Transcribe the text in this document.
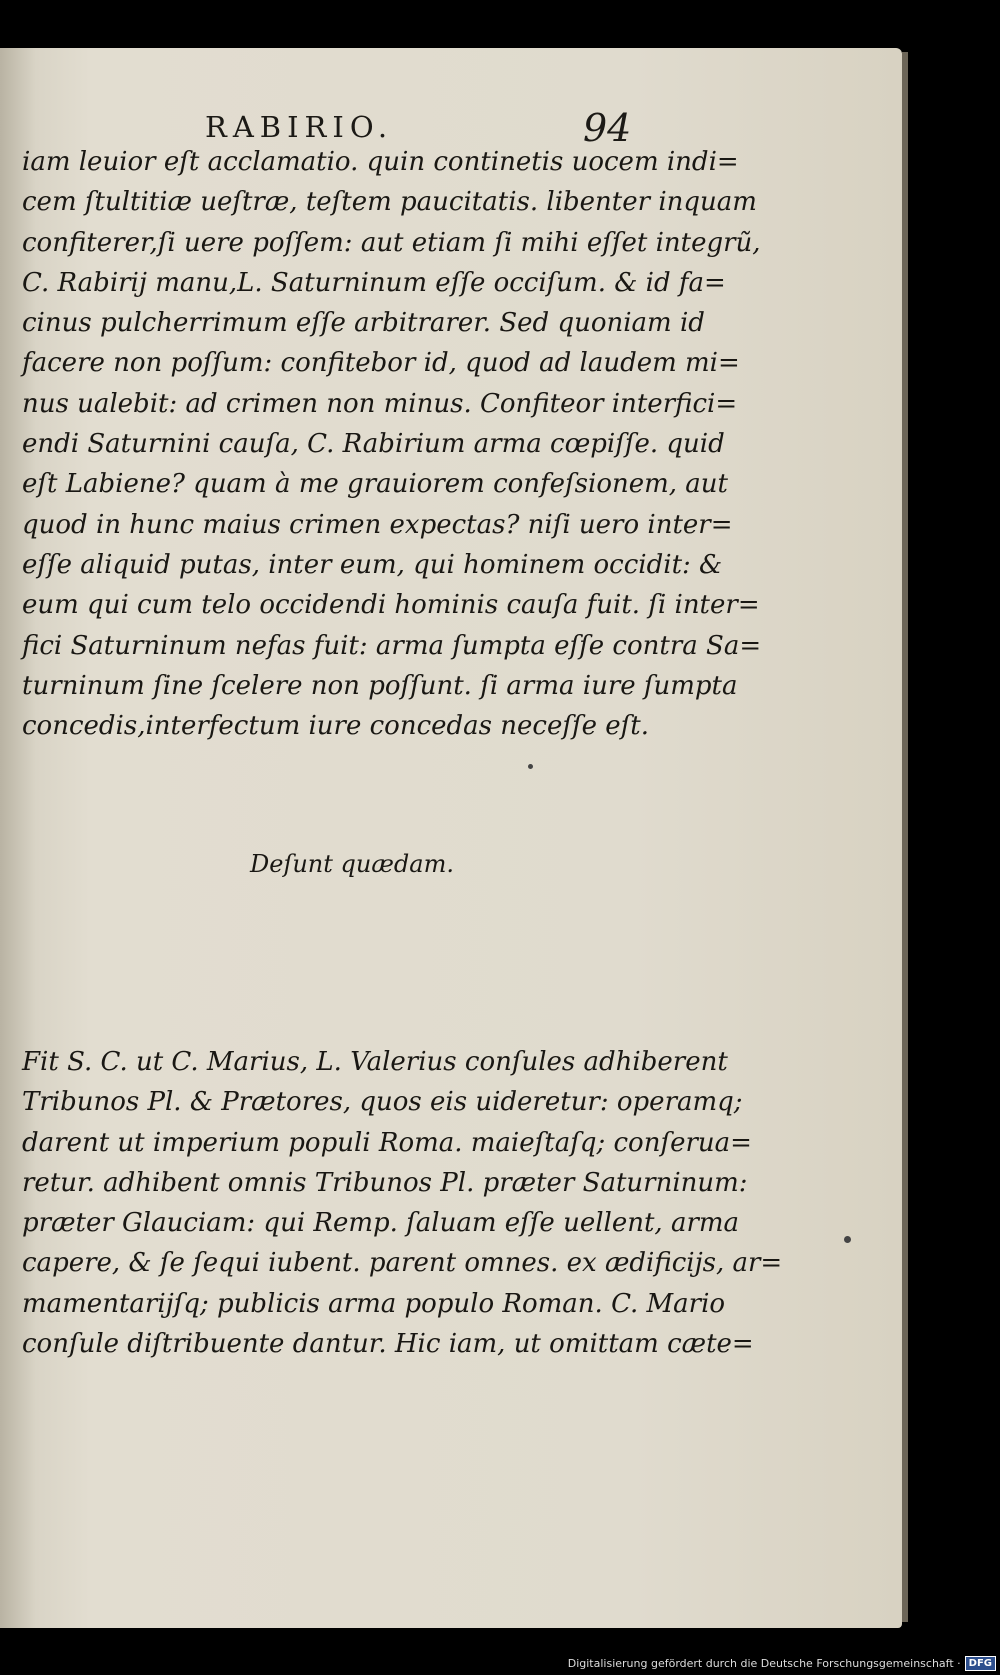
RABIRIO.	94
iam leuior eſt acclamatio. quin continetis uocem indi=
cem ſtultitiæ ueſtræ, teſtem paucitatis. libenter inquam
confiterer,ſi uere poſſem: aut etiam ſi mihi eſſet integrũ,
C. Rabirij manu,L. Saturninum eſſe occiſum. & id fa=
cinus pulcherrimum eſſe arbitrarer. Sed quoniam id
facere non poſſum: confitebor id, quod ad laudem mi=
nus ualebit: ad crimen non minus. Confiteor interfici=
endi Saturnini cauſa, C. Rabirium arma cœpiſſe. quid
eſt Labiene? quam à me grauiorem confeſsionem, aut
quod in hunc maius crimen expectas? niſi uero inter=
eſſe aliquid putas, inter eum, qui hominem occidit: &
eum qui cum telo occidendi hominis cauſa fuit. ſi inter=
fici Saturninum nefas fuit: arma ſumpta eſſe contra Sa=
turninum ſine ſcelere non poſſunt. ſi arma iure ſumpta
concedis,interfectum iure concedas neceſſe eſt.
Deſunt quædam.
Fit S. C. ut C. Marius, L. Valerius conſules adhiberent
Tribunos Pl. & Prætores, quos eis uideretur: operamq;
darent ut imperium populi Roma. maieſtaſq; conſerua=
retur. adhibent omnis Tribunos Pl. præter Saturninum:
præter Glauciam: qui Remp. ſaluam eſſe uellent, arma
capere, & ſe ſequi iubent. parent omnes. ex ædificijs, ar=
mamentarijſq; publicis arma populo Roman. C. Mario
conſule diſtribuente dantur. Hic iam, ut omittam cæte=
Digitalisierung gefördert durch die Deutsche Forschungsgemeinschaft · DFG
